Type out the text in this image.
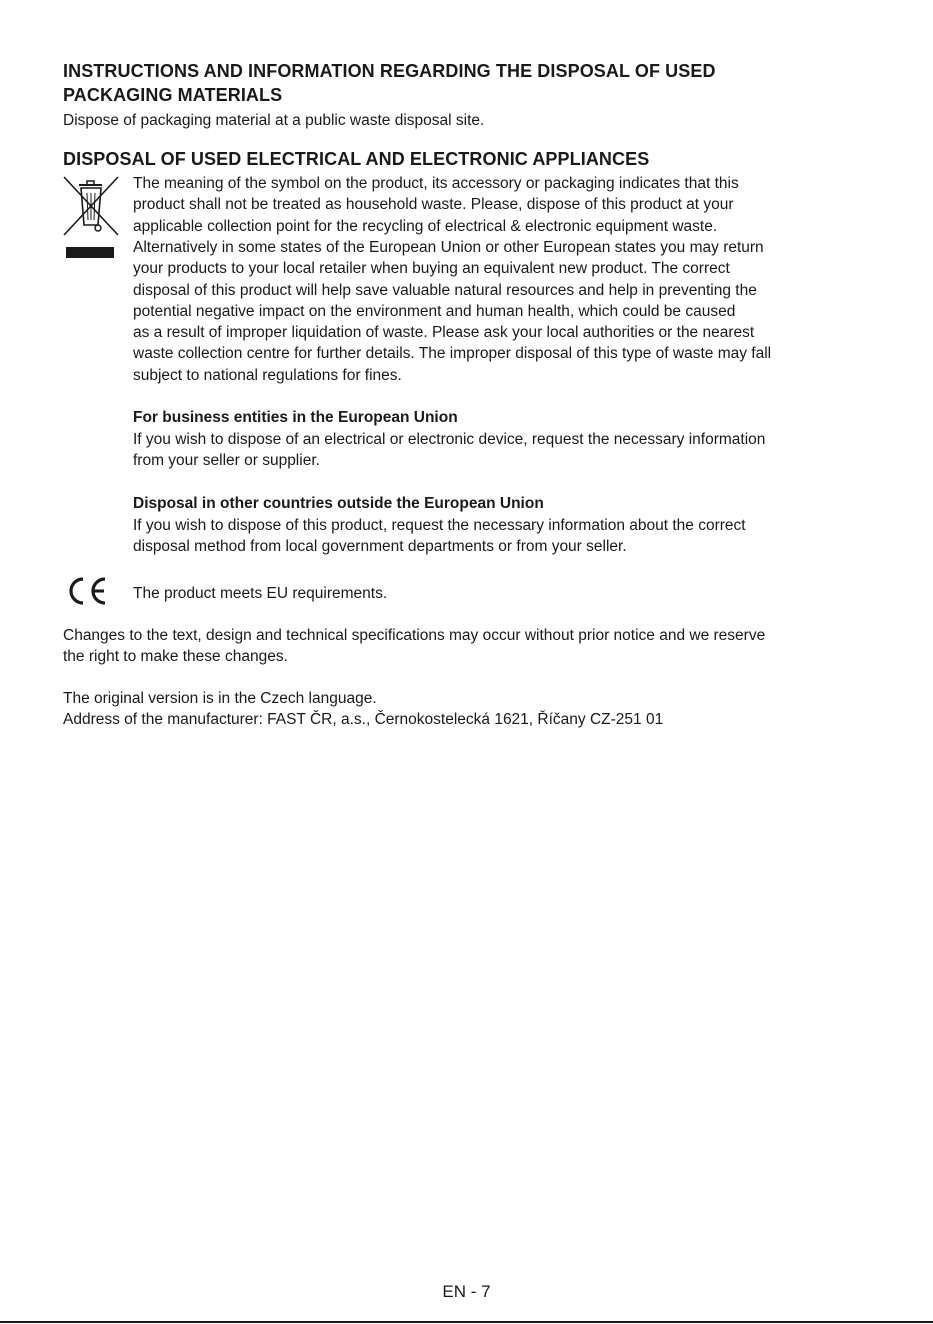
INSTRUCTIONS AND INFORMATION REGARDING THE DISPOSAL OF USED
PACKAGING MATERIALS
Dispose of packaging material at a public waste disposal site.
DISPOSAL OF USED ELECTRICAL AND ELECTRONIC APPLIANCES
The meaning of the symbol on the product, its accessory or packaging indicates that this
product shall not be treated as household waste. Please, dispose of this product at your
applicable collection point for the recycling of electrical & electronic equipment waste.
Alternatively in some states of the European Union or other European states you may return
your products to your local retailer when buying an equivalent new product. The correct
disposal of this product will help save valuable natural resources and help in preventing the
potential negative impact on the environment and human health, which could be caused
as a result of improper liquidation of waste. Please ask your local authorities or the nearest
waste collection centre for further details. The improper disposal of this type of waste may fall
subject to national regulations for fines.
For business entities in the European Union
If you wish to dispose of an electrical or electronic device, request the necessary information
from your seller or supplier.
Disposal in other countries outside the European Union
If you wish to dispose of this product, request the necessary information about the correct
disposal method from local government departments or from your seller.
The product meets EU requirements.
Changes to the text, design and technical specifications may occur without prior notice and we reserve
the right to make these changes.
The original version is in the Czech language.
Address of the manufacturer: FAST ČR, a.s., Černokostelecká 1621, Říčany CZ-251 01
EN - 7
